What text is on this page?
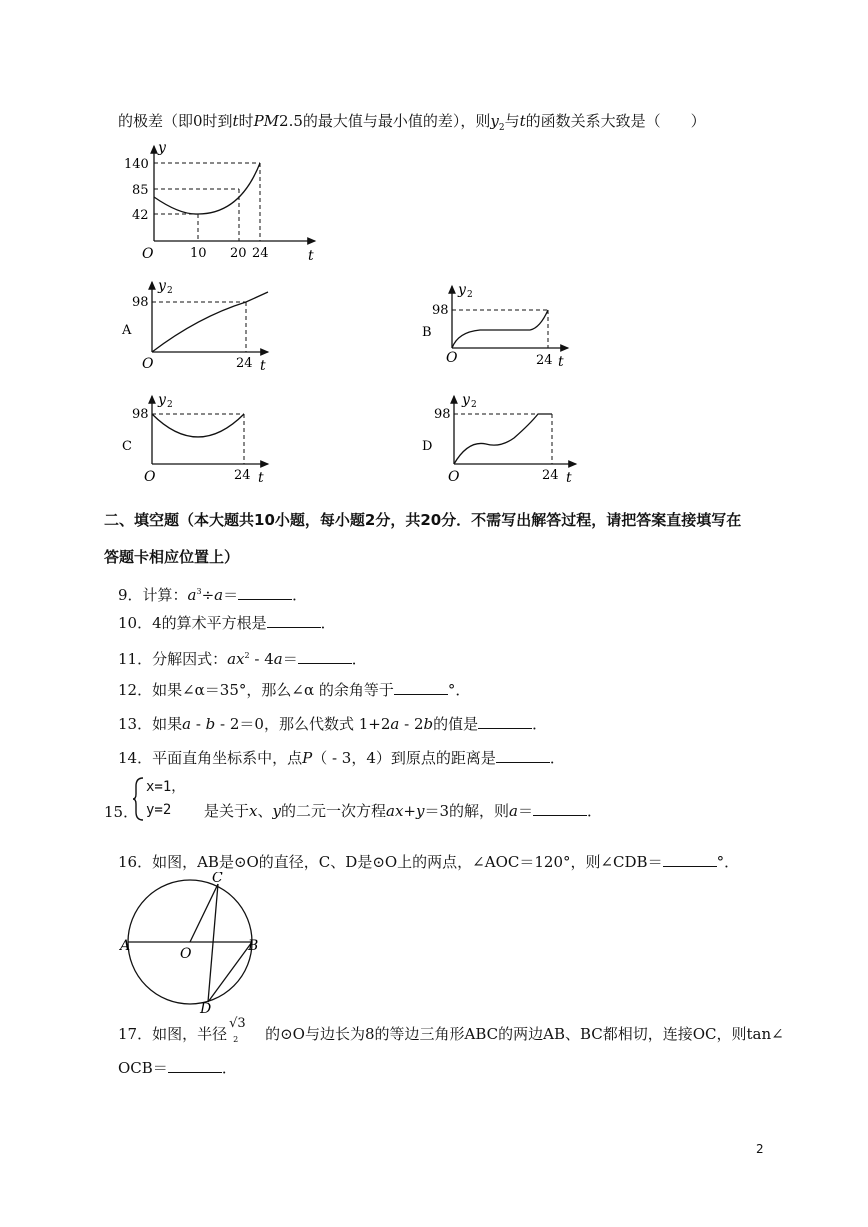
的极差（即0时到t时PM2.5的最大值与最小值的差），则$y_2$与t的函数关系大致是（　　）
y
140
85
42
O	10 20 24	t
A
y 2
98
O	24 t
B
y 2
98
O	24 t
C
y 2
98
O	24 t
D
y 2
98
O	24 t
二、填空题（本大题共10小题，每小题2分，共20分．不需写出解答过程，请把答案直接填写在
答题卡相应位置上）
9．计算：$a^3\div a=$	．
10．4的算术平方根是	．
11．分解因式：$ax^2 - 4a=$	．
12．如果∠α＝35°，那么∠α 的余角等于	°．
13．如果a - b - 2＝0，那么代数式 1+2a - 2b的值是	．
14．平面直角坐标系中，点P（ - 3，4）到原点的距离是	．
x=1，
y=2
15．	是关于x、y的二元一次方程ax+y＝3的解，则a＝	．
16．如图，AB是⊙O的直径，C、D是⊙O上的两点，∠AOC＝120°，则∠CDB＝	°．
A	B
C
D
O
17．如图，半径
√3
2 的⊙O与边长为8的等边三角形ABC的两边AB、BC都相切，连接OC，则tan∠
OCB＝	．
2
